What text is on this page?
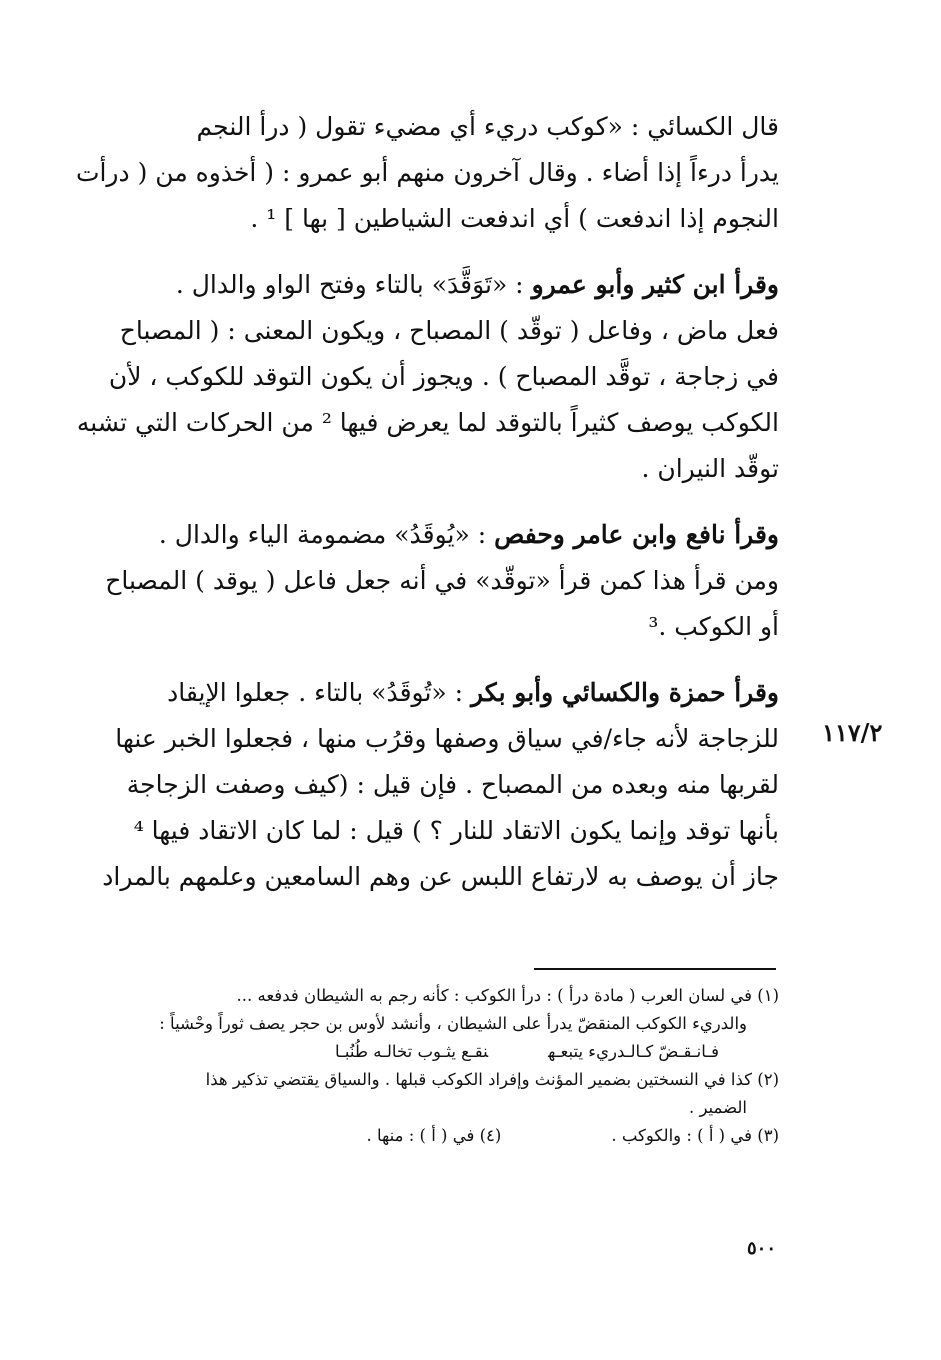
قال الكسائي : «كوكب دريء أي مضيء تقول ( درأ النجم
يدرأ درءاً إذا أضاء . وقال آخرون منهم أبو عمرو : ( أخذوه من ( درأت
النجوم إذا اندفعت ) أي اندفعت الشياطين [ بها ] ¹ .
وقرأ ابن كثير وأبو عمرو : «تَوَقَّدَ» بالتاء وفتح الواو والدال .
فعل ماض ، وفاعل ( توقّد ) المصباح ، ويكون المعنى : ( المصباح
في زجاجة ، توقَّد المصباح ) . ويجوز أن يكون التوقد للكوكب ، لأن
الكوكب يوصف كثيراً بالتوقد لما يعرض فيها ² من الحركات التي تشبه
توقّد النيران .
وقرأ نافع وابن عامر وحفص : «يُوقَدُ» مضمومة الياء والدال .
ومن قرأ هذا كمن قرأ «توقّد» في أنه جعل فاعل ( يوقد ) المصباح
أو الكوكب .³
وقرأ حمزة والكسائي وأبو بكر : «تُوقَدُ» بالتاء . جعلوا الإيقاد
للزجاجة لأنه جاء/في سياق وصفها وقرُب منها ، فجعلوا الخبر عنها
لقربها منه وبعده من المصباح . فإن قيل : (كيف وصفت الزجاجة
بأنها توقد وإنما يكون الاتقاد للنار ؟ ) قيل : لما كان الاتقاد فيها ⁴
جاز أن يوصف به لارتفاع اللبس عن وهم السامعين وعلمهم بالمراد
١١٧/٢
(١) في لسان العرب ( مادة درأ ) : درأ الكوكب : كأنه رجم به الشيطان فدفعه ...
والدريء الكوكب المنقضّ يدرأ على الشيطان ، وأنشد لأوس بن حجر يصف ثوراً وحْشياً :
فـانـقـضّ كـالـدريء يتبعـهنقـع يثـوب تخالـه طُنُبـا
(٢) كذا في النسختين بضمير المؤنث وإفراد الكوكب قبلها . والسياق يقتضي تذكير هذا
الضمير .
(٣) في ( أ ) : والكوكب .(٤) في ( أ ) : منها .
٥٠٠
